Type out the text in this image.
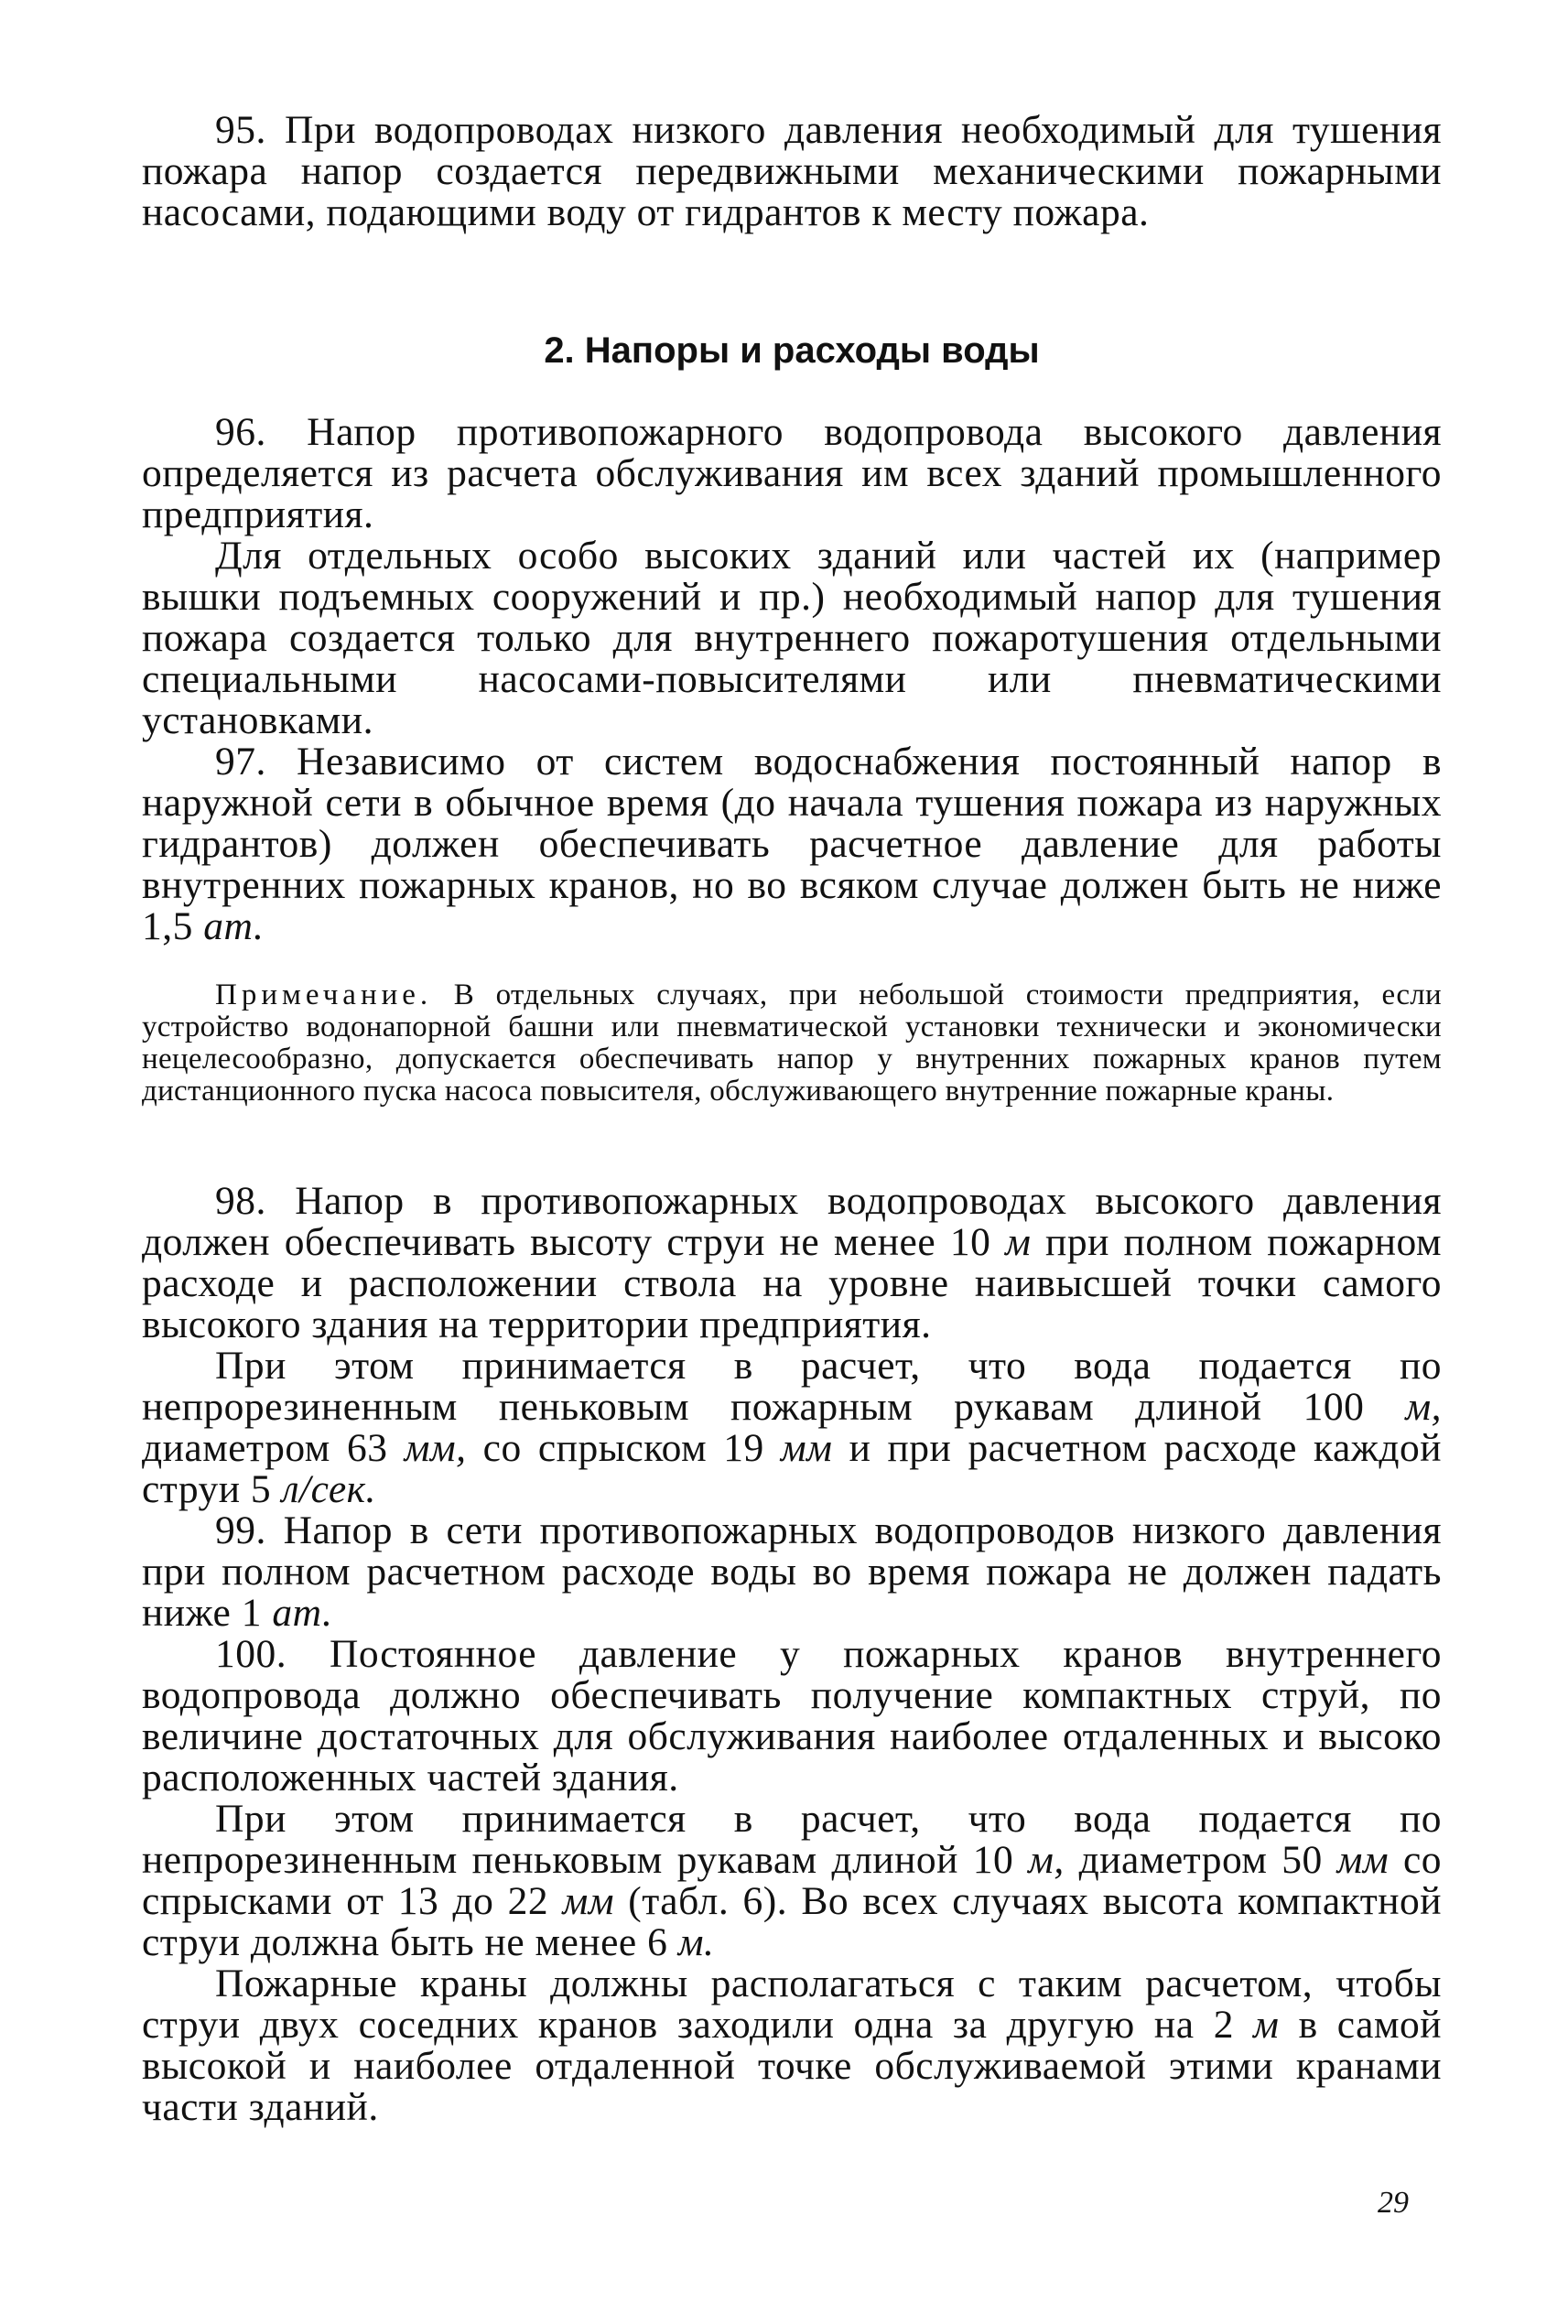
95. При водопроводах низкого давления необходимый для тушения пожара напор создается передвижными механическими пожарными насосами, подающими воду от гидрантов к месту пожара.

2. Напоры и расходы воды

96. Напор противопожарного водопровода высокого давления определяется из расчета обслуживания им всех зданий промышленного предприятия.

Для отдельных особо высоких зданий или частей их (например вышки подъемных сооружений и пр.) необходимый напор для тушения пожара создается только для внутреннего пожаротушения отдельными специальными насосами-повысителями или пневматическими установками.

97. Независимо от систем водоснабжения постоянный напор в наружной сети в обычное время (до начала тушения пожара из наружных гидрантов) должен обеспечивать расчетное давление для работы внутренних пожарных кранов, но во всяком случае должен быть не ниже 1,5 ат.

Примечание. В отдельных случаях, при небольшой стоимости предприятия, если устройство водонапорной башни или пневматической установки технически и экономически нецелесообразно, допускается обеспечивать напор у внутренних пожарных кранов путем дистанционного пуска насоса повысителя, обслуживающего внутренние пожарные краны.

98. Напор в противопожарных водопроводах высокого давления должен обеспечивать высоту струи не менее 10 м при полном пожарном расходе и расположении ствола на уровне наивысшей точки самого высокого здания на территории предприятия.

При этом принимается в расчет, что вода подается по непрорезиненным пеньковым пожарным рукавам длиной 100 м, диаметром 63 мм, со спрыском 19 мм и при расчетном расходе каждой струи 5 л/сек.

99. Напор в сети противопожарных водопроводов низкого давления при полном расчетном расходе воды во время пожара не должен падать ниже 1 ат.

100. Постоянное давление у пожарных кранов внутреннего водопровода должно обеспечивать получение компактных струй, по величине достаточных для обслуживания наиболее отдаленных и высоко расположенных частей здания.

При этом принимается в расчет, что вода подается по непрорезиненным пеньковым рукавам длиной 10 м, диаметром 50 мм со спрысками от 13 до 22 мм (табл. 6). Во всех случаях высота компактной струи должна быть не менее 6 м.

Пожарные краны должны располагаться с таким расчетом, чтобы струи двух соседних кранов заходили одна за другую на 2 м в самой высокой и наиболее отдаленной точке обслуживаемой этими кранами части зданий.

29
